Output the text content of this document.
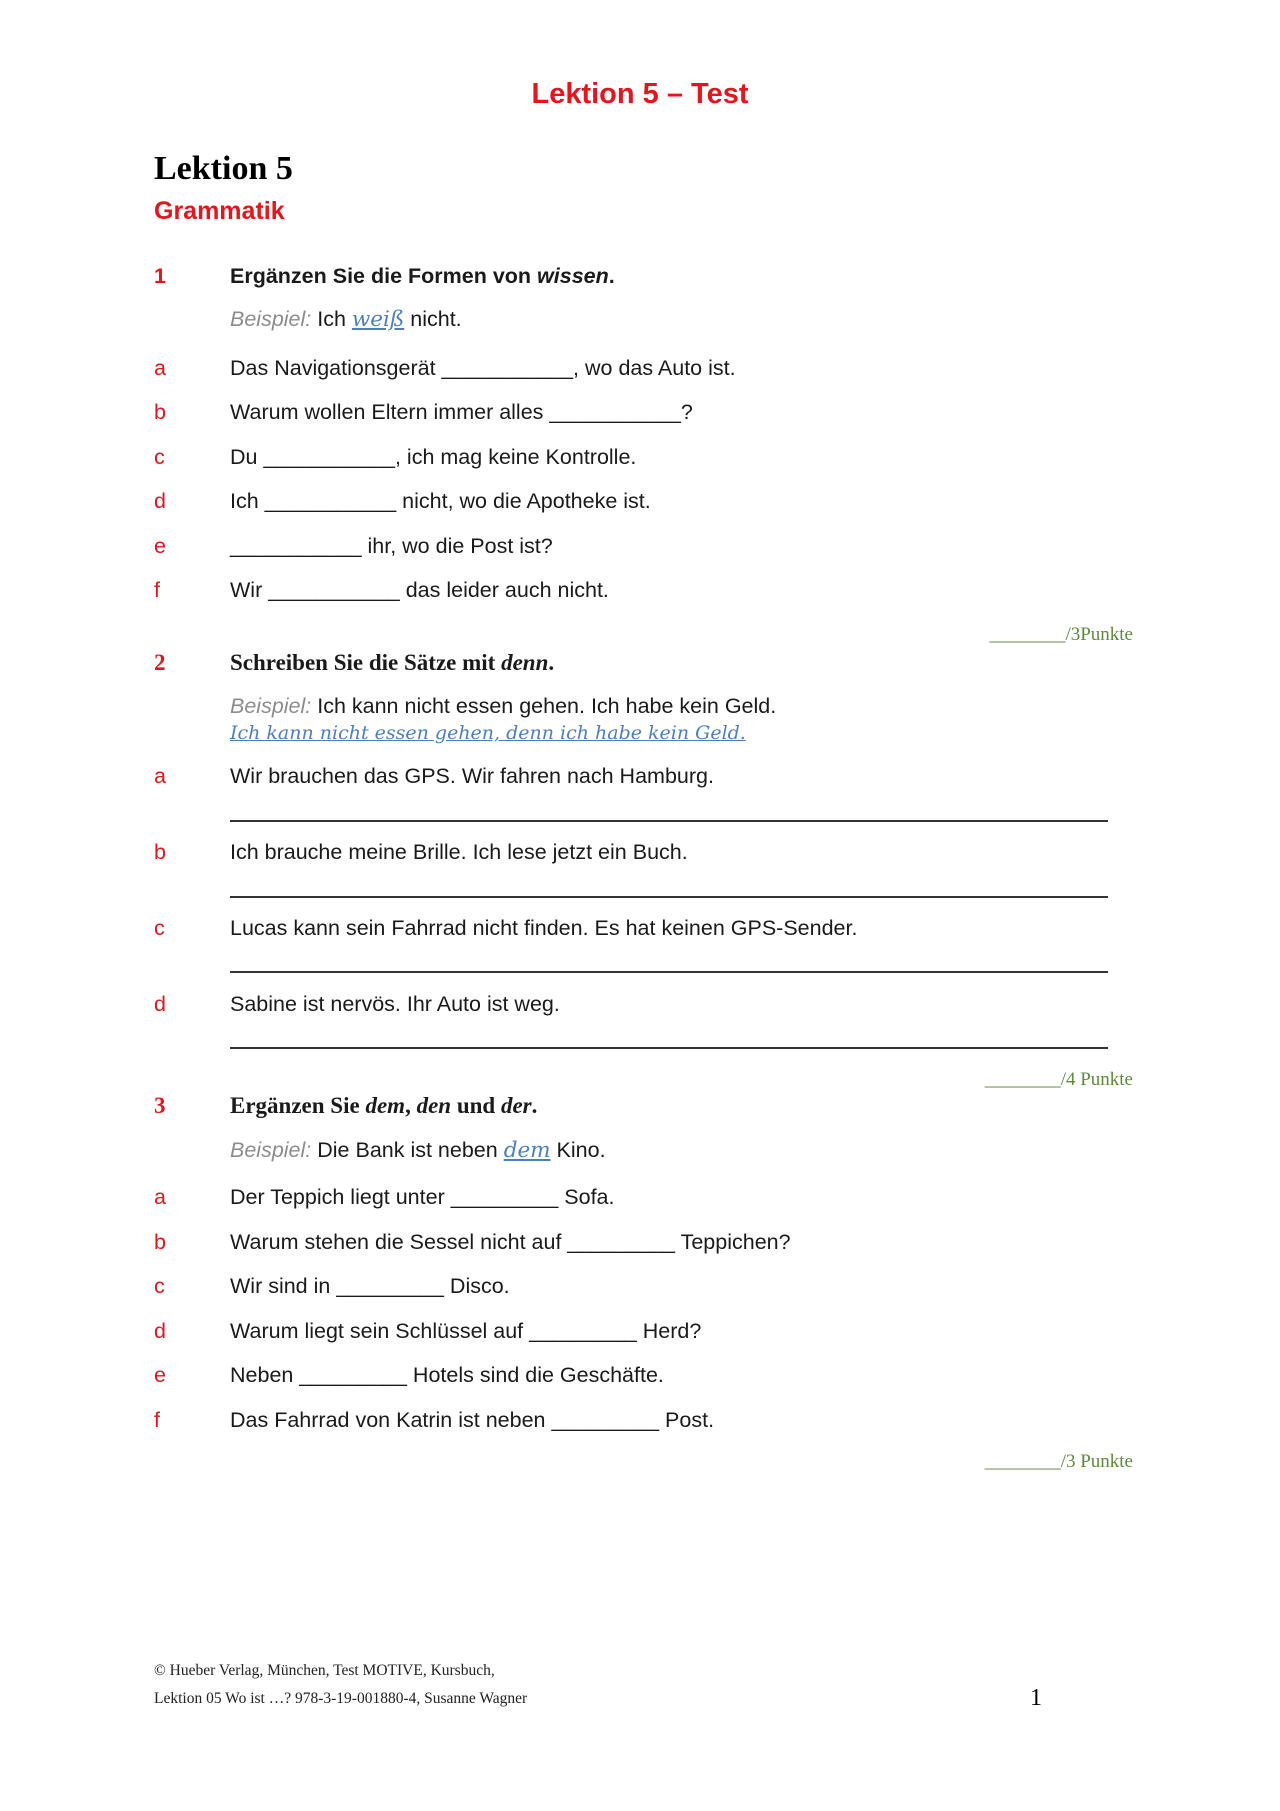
Lektion 5 – Test
Lektion 5
Grammatik
1	Ergänzen Sie die Formen von wissen.
Beispiel: Ich weiß nicht.
a	Das Navigationsgerät ___________, wo das Auto ist.
b	Warum wollen Eltern immer alles ___________?
c	Du ___________, ich mag keine Kontrolle.
d	Ich ___________ nicht, wo die Apotheke ist.
e	___________ ihr, wo die Post ist?
f	Wir ___________ das leider auch nicht.
________/3Punkte
2	Schreiben Sie die Sätze mit denn.
Beispiel: Ich kann nicht essen gehen. Ich habe kein Geld.
Ich kann nicht essen gehen, denn ich habe kein Geld.
a	Wir brauchen das GPS. Wir fahren nach Hamburg.
b	Ich brauche meine Brille. Ich lese jetzt ein Buch.
c	Lucas kann sein Fahrrad nicht finden. Es hat keinen GPS-Sender.
d	Sabine ist nervös. Ihr Auto ist weg.
________/4 Punkte
3	Ergänzen Sie dem, den und der.
Beispiel: Die Bank ist neben dem Kino.
a	Der Teppich liegt unter _________ Sofa.
b	Warum stehen die Sessel nicht auf _________ Teppichen?
c	Wir sind in _________ Disco.
d	Warum liegt sein Schlüssel auf _________ Herd?
e	Neben _________ Hotels sind die Geschäfte.
f	Das Fahrrad von Katrin ist neben _________ Post.
________/3 Punkte
© Hueber Verlag, München, Test MOTIVE, Kursbuch,
Lektion 05 Wo ist …? 978-3-19-001880-4, Susanne Wagner	1
